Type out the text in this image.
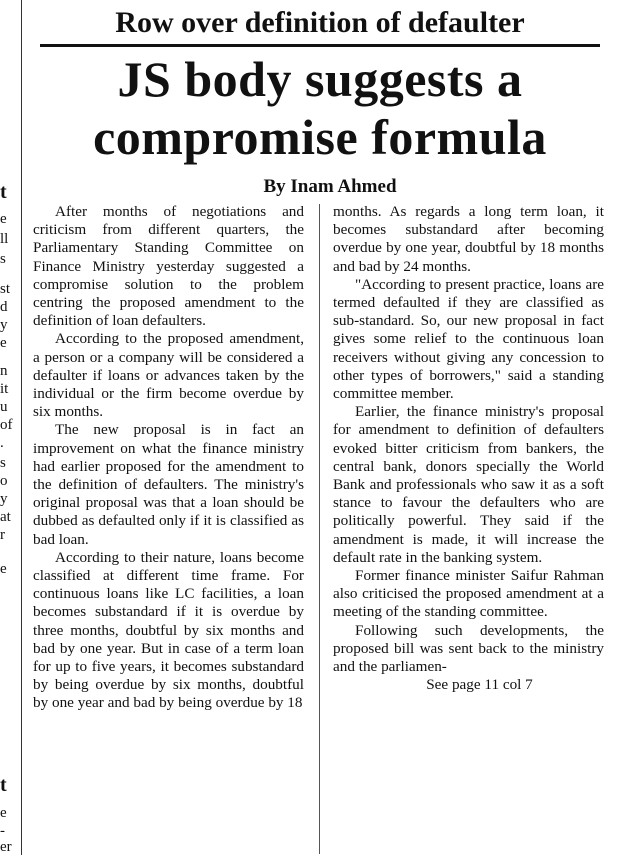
t
e
ll
s
st
d
y
e
n
it
u
of
.
s
o
y
at
r
e
t
e
-
er
Row over definition of defaulter
JS body suggests a compromise formula
By Inam Ahmed

After months of negotiations and criticism from different quarters, the Parliamentary Standing Committee on Finance Ministry yesterday suggested a compromise solution to the problem centring the proposed amendment to the definition of loan defaulters.

According to the proposed amendment, a person or a company will be considered a defaulter if loans or advances taken by the individual or the firm become overdue by six months.

The new proposal is in fact an improvement on what the finance ministry had earlier proposed for the amendment to the definition of defaulters. The ministry's original proposal was that a loan should be dubbed as defaulted only if it is classified as bad loan.

According to their nature, loans become classified at different time frame. For continuous loans like LC facilities, a loan becomes substandard if it is overdue by three months, doubtful by six months and bad by one year. But in case of a term loan for up to five years, it becomes substandard by being overdue by six months, doubtful by one year and bad by being overdue by 18

months. As regards a long term loan, it becomes substandard after becoming overdue by one year, doubtful by 18 months and bad by 24 months.

"According to present practice, loans are termed defaulted if they are classified as sub-standard. So, our new proposal in fact gives some relief to the continuous loan receivers without giving any concession to other types of borrowers," said a standing committee member.

Earlier, the finance ministry's proposal for amendment to definition of defaulters evoked bitter criticism from bankers, the central bank, donors specially the World Bank and professionals who saw it as a soft stance to favour the defaulters who are politically powerful. They said if the amendment is made, it will increase the default rate in the banking system.

Former finance minister Saifur Rahman also criticised the proposed amendment at a meeting of the standing committee.

Following such developments, the proposed bill was sent back to the ministry and the parliamen-

See page 11 col 7
